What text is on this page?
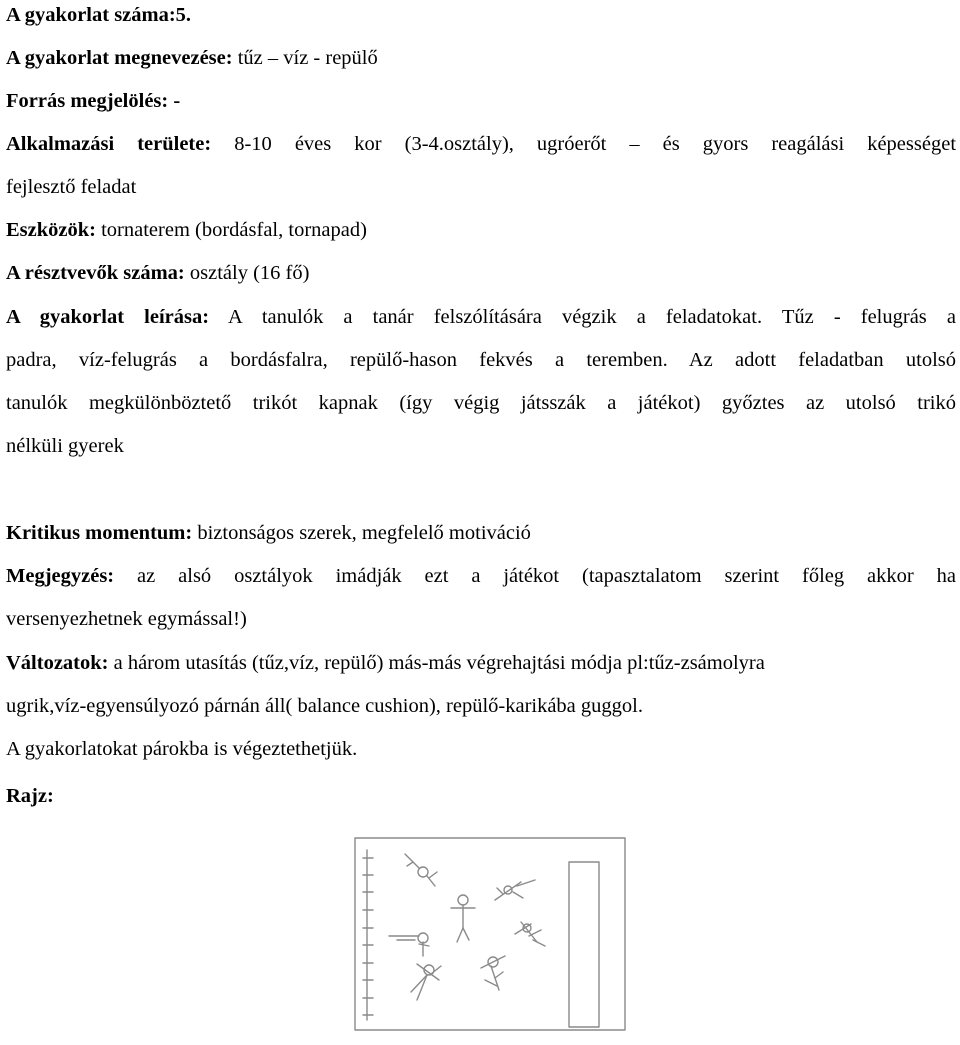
A gyakorlat száma:5.
A gyakorlat megnevezése: tűz – víz - repülő
Forrás megjelölés: -
Alkalmazási területe: 8-10 éves kor (3-4.osztály), ugróerőt – és gyors reagálási képességet
fejlesztő feladat
Eszközök: tornaterem (bordásfal, tornapad)
A résztvevők száma: osztály (16 fő)
A gyakorlat leírása: A tanulók a tanár felszólítására végzik a feladatokat. Tűz - felugrás a
padra, víz-felugrás a bordásfalra, repülő-hason fekvés a teremben. Az adott feladatban utolsó
tanulók megkülönböztető trikót kapnak (így végig játsszák a játékot) győztes az utolsó trikó
nélküli gyerek
Kritikus momentum: biztonságos szerek, megfelelő motiváció
Megjegyzés: az alsó osztályok imádják ezt a játékot (tapasztalatom szerint főleg akkor ha
versenyezhetnek egymással!)
Változatok: a három utasítás (tűz,víz, repülő) más-más végrehajtási módja pl:tűz-zsámolyra
ugrik,víz-egyensúlyozó párnán áll( balance cushion), repülő-karikába guggol.
A gyakorlatokat párokba is végeztethetjük.
Rajz:
